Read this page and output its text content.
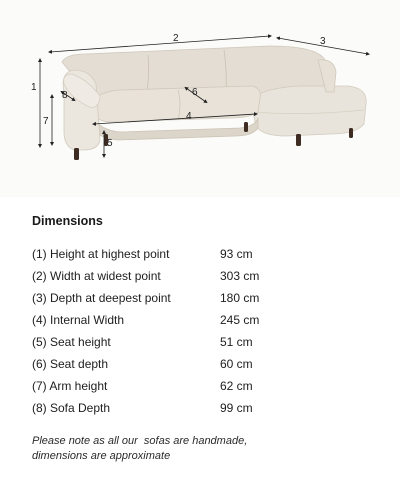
2	3
1
7
8	6
4
5
Dimensions
(1) Height at highest point	93 cm
(2) Width at widest point	303 cm
(3) Depth at deepest point	180 cm
(4) Internal Width	245 cm
(5) Seat height	51 cm
(6) Seat depth	60 cm
(7) Arm height	62 cm
(8) Sofa Depth	99 cm
Please note as all our  sofas are handmade,
dimensions are approximate
